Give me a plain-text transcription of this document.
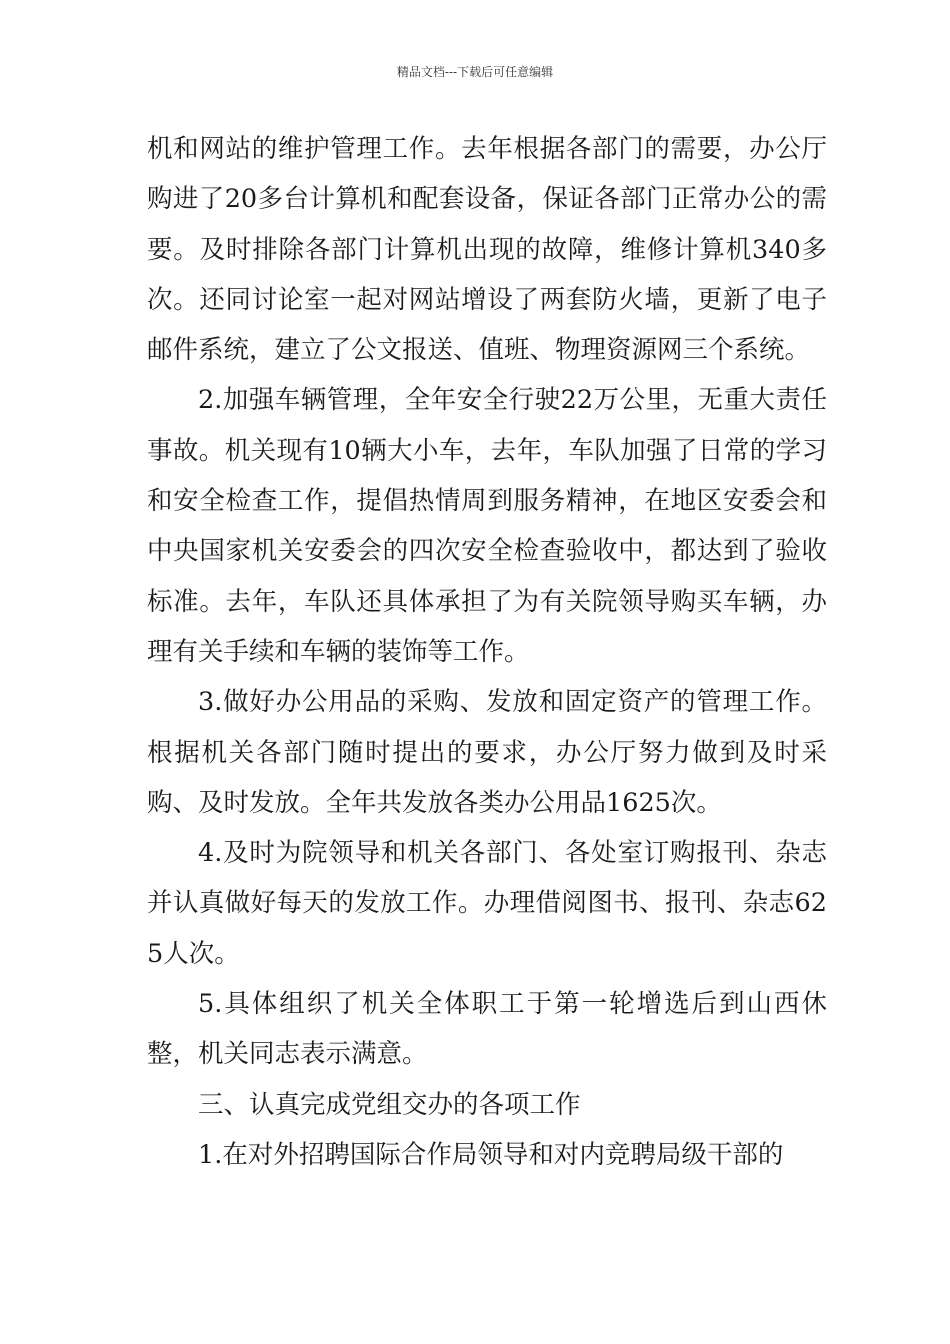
精品文档---下载后可任意编辑

机和网站的维护管理工作。去年根据各部门的需要，办公厅购进了20多台计算机和配套设备，保证各部门正常办公的需要。及时排除各部门计算机出现的故障，维修计算机340多次。还同讨论室一起对网站增设了两套防火墙，更新了电子邮件系统，建立了公文报送、值班、物理资源网三个系统。

2.加强车辆管理，全年安全行驶22万公里，无重大责任事故。机关现有10辆大小车，去年，车队加强了日常的学习和安全检查工作，提倡热情周到服务精神，在地区安委会和中央国家机关安委会的四次安全检查验收中，都达到了验收标准。去年，车队还具体承担了为有关院领导购买车辆，办理有关手续和车辆的装饰等工作。

3.做好办公用品的采购、发放和固定资产的管理工作。根据机关各部门随时提出的要求，办公厅努力做到及时采购、及时发放。全年共发放各类办公用品1625次。

4.及时为院领导和机关各部门、各处室订购报刊、杂志并认真做好每天的发放工作。办理借阅图书、报刊、杂志625人次。

5.具体组织了机关全体职工于第一轮增选后到山西休整，机关同志表示满意。

三、认真完成党组交办的各项工作

1.在对外招聘国际合作局领导和对内竞聘局级干部的
